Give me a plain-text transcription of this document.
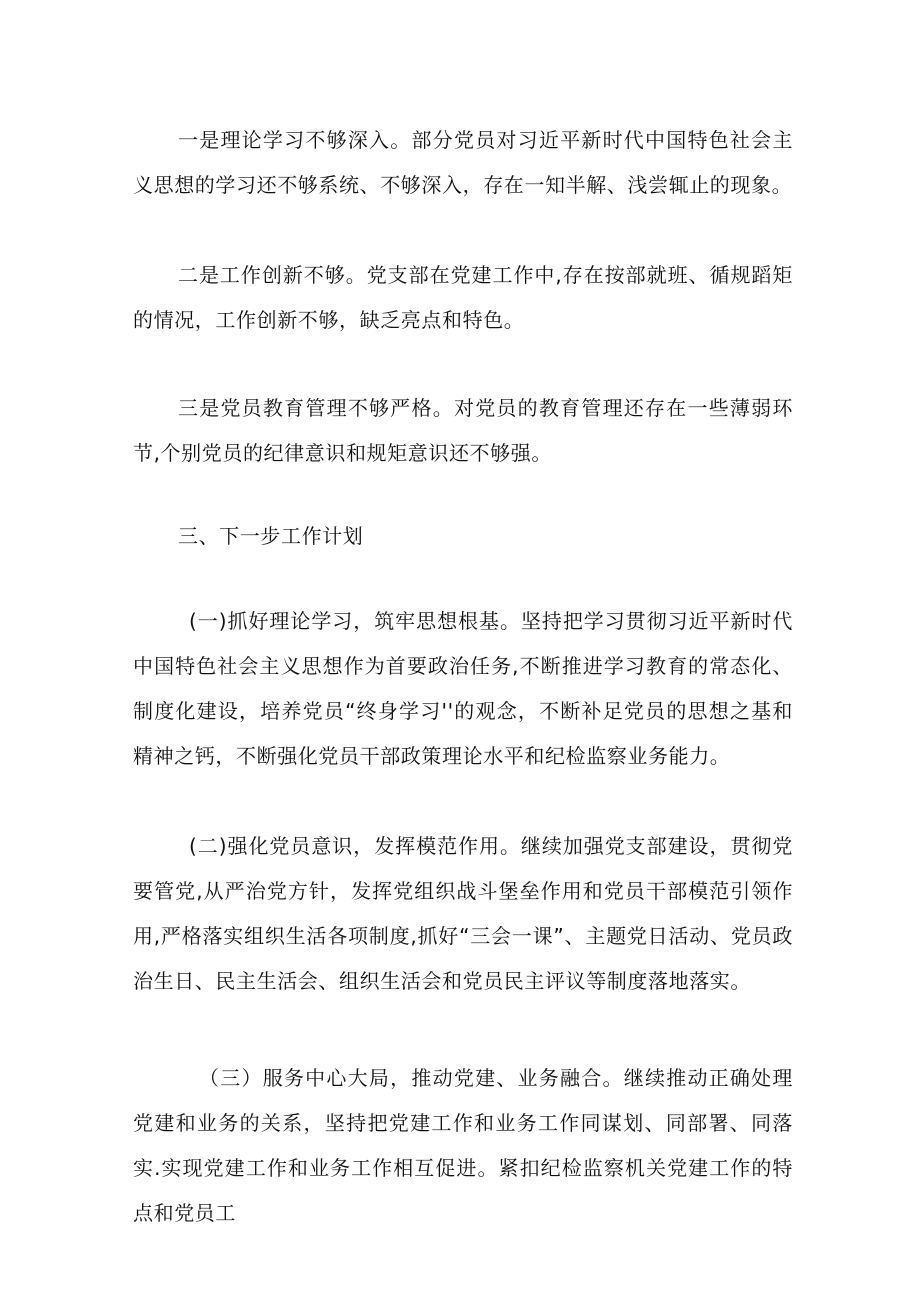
一是理论学习不够深入。部分党员对习近平新时代中国特色社会主义思想的学习还不够系统、不够深入，存在一知半解、浅尝辄止的现象。

二是工作创新不够。党支部在党建工作中,存在按部就班、循规蹈矩的情况，工作创新不够，缺乏亮点和特色。

三是党员教育管理不够严格。对党员的教育管理还存在一些薄弱环节,个别党员的纪律意识和规矩意识还不够强。

三、下一步工作计划

(一)抓好理论学习，筑牢思想根基。坚持把学习贯彻习近平新时代中国特色社会主义思想作为首要政治任务,不断推进学习教育的常态化、制度化建设，培养党员“终身学习''的观念，不断补足党员的思想之基和精神之钙，不断强化党员干部政策理论水平和纪检监察业务能力。

(二)强化党员意识，发挥模范作用。继续加强党支部建设，贯彻党要管党,从严治党方针，发挥党组织战斗堡垒作用和党员干部模范引领作用,严格落实组织生活各项制度,抓好“三会一课”、主题党日活动、党员政治生日、民主生活会、组织生活会和党员民主评议等制度落地落实。

（三）服务中心大局，推动党建、业务融合。继续推动正确处理党建和业务的关系，坚持把党建工作和业务工作同谋划、同部署、同落实.实现党建工作和业务工作相互促进。紧扣纪检监察机关党建工作的特点和党员工
